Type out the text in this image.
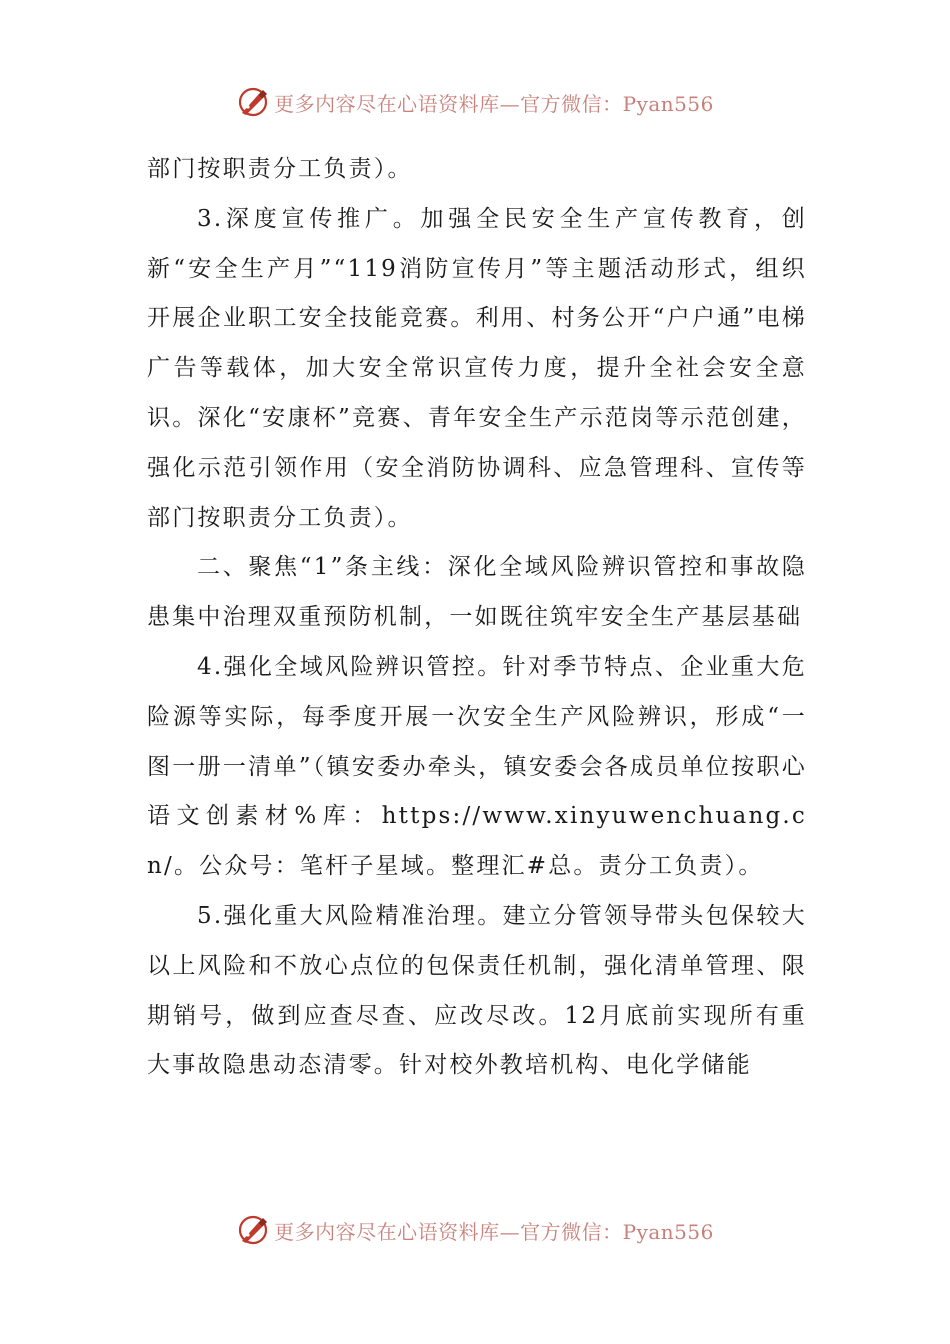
更多内容尽在心语资料库—官方微信：Pyan556

部门按职责分工负责）。

3.深度宣传推广。加强全民安全生产宣传教育，创新“安全生产月”“119消防宣传月”等主题活动形式，组织开展企业职工安全技能竞赛。利用、村务公开“户户通”电梯广告等载体，加大安全常识宣传力度，提升全社会安全意识。深化“安康杯”竞赛、青年安全生产示范岗等示范创建，强化示范引领作用（安全消防协调科、应急管理科、宣传等部门按职责分工负责）。

二、聚焦“1”条主线：深化全域风险辨识管控和事故隐患集中治理双重预防机制，一如既往筑牢安全生产基层基础

4.强化全域风险辨识管控。针对季节特点、企业重大危险源等实际，每季度开展一次安全生产风险辨识，形成“一图一册一清单”（镇安委办牵头，镇安委会各成员单位按职心语文创素材%库：https://www.xinyuwenchuang.cn/。公众号：笔杆子星域。整理汇#总。责分工负责）。

5.强化重大风险精准治理。建立分管领导带头包保较大以上风险和不放心点位的包保责任机制，强化清单管理、限期销号，做到应查尽查、应改尽改。12月底前实现所有重大事故隐患动态清零。针对校外教培机构、电化学储能

更多内容尽在心语资料库—官方微信：Pyan556
